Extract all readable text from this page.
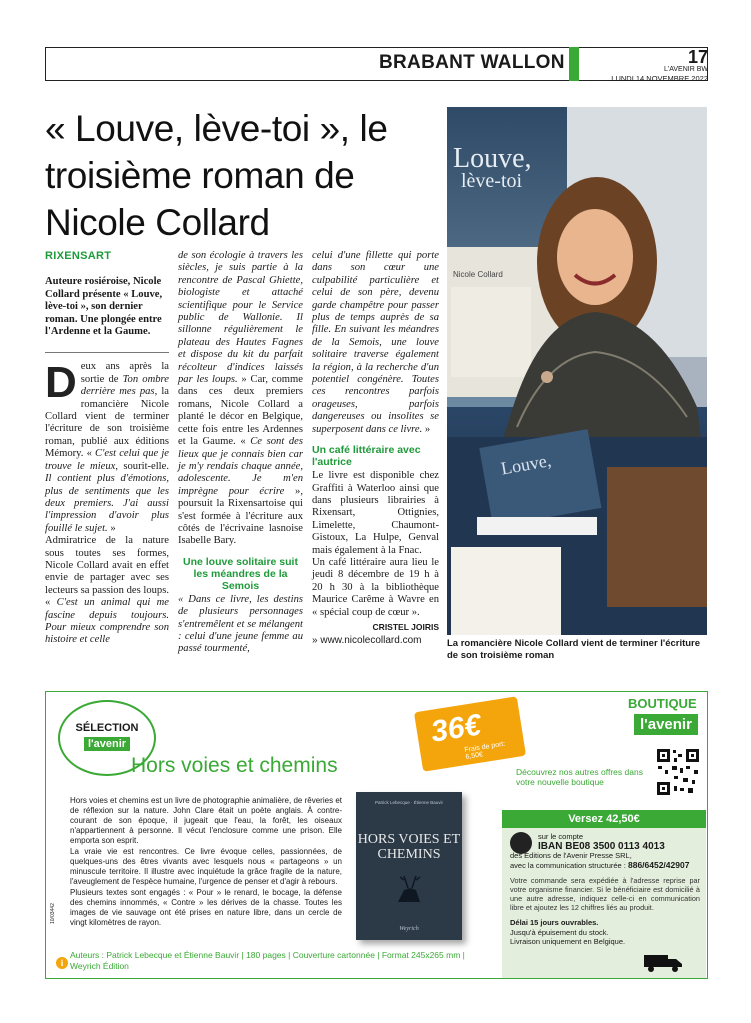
BRABANT WALLON	17
L'AVENIR BW
LUNDI 14 NOVEMBRE 2022
« Louve, lève-toi », le troisième roman de Nicole Collard
RIXENSART
Auteure rosiéroise, Nicole Collard présente « Louve, lève-toi », son dernier roman. Une plongée entre l'Ardenne et la Gaume.

Deux ans après la sortie de Ton ombre derrière mes pas, la romancière Nicole Collard vient de terminer l'écriture de son troisième roman, publié aux éditions Mémory. « C'est celui que je trouve le mieux, sourit-elle. Il contient plus d'émotions, plus de sentiments que les deux premiers. J'ai aussi l'impression d'avoir plus fouillé le sujet. »

Admiratrice de la nature sous toutes ses formes, Nicole Collard avait en effet envie de partager avec ses lecteurs sa passion des loups. « C'est un animal qui me fascine depuis toujours. Pour mieux comprendre son histoire et celle

de son écologie à travers les siècles, je suis partie à la rencontre de Pascal Ghiette, biologiste et attaché scientifique pour le Service public de Wallonie. Il sillonne régulièrement le plateau des Hautes Fagnes et dispose du kit du parfait récolteur d'indices laissés par les loups. » Car, comme dans ces deux premiers romans, Nicole Collard a planté le décor en Belgique, cette fois entre les Ardennes et la Gaume. « Ce sont des lieux que je connais bien car je m'y rendais chaque année, adolescente. Je m'en imprègne pour écrire », poursuit la Rixensartoise qui s'est formée à l'écriture aux côtés de l'écrivaine lasnoise Isabelle Bary.

Une louve solitaire suit les méandres de la Semois

« Dans ce livre, les destins de plusieurs personnages s'entremêlent et se mélangent : celui d'une jeune femme au passé tourmenté,

celui d'une fillette qui porte dans son cœur une culpabilité particulière et celui de son père, devenu garde champêtre pour passer plus de temps auprès de sa fille. En suivant les méandres de la Semois, une louve solitaire traverse également la région, à la recherche d'un potentiel congénère. Toutes ces rencontres parfois orageuses, parfois dangereuses ou insolites se superposent dans ce livre. »

Un café littéraire avec l'autrice

Le livre est disponible chez Graffiti à Waterloo ainsi que dans plusieurs librairies à Rixensart, Ottignies, Limelette, Chaumont-Gistoux, La Hulpe, Genval mais également à la Fnac.

Un café littéraire aura lieu le jeudi 8 décembre de 19 h à 20 h 30 à la bibliothèque Maurice Carême à Wavre en « spécial coup de cœur ».

CRISTEL JOIRIS
» www.nicolecollard.com
Louve,
lève-toi
Nicole Collard
Louve,
La romancière Nicole Collard vient de terminer l'écriture de son troisième roman
SÉLECTION
l'avenir
Hors voies et chemins
36€
Frais de port: 6,50€
BOUTIQUE
l'avenir
Découvrez nos autres offres dans votre nouvelle boutique

Hors voies et chemins est un livre de photographie animalière, de rêveries et de réflexion sur la nature. John Clare était un poète anglais. À contre-courant de son époque, il jugeait que l'eau, la forêt, les oiseaux n'appartiennent à personne. Il vécut l'enclosure comme une prison. Elle emporta son esprit.

La vraie vie est rencontres. Ce livre évoque celles, passionnées, de quelques-uns des êtres vivants avec lesquels nous « partageons » un minuscule territoire. Il illustre avec inquiétude la grâce fragile de la nature, l'aveuglement de l'espèce humaine, l'urgence de penser et d'agir à rebours.

Plusieurs textes sont engagés : « Pour » le renard, le bocage, la défense des chemins innommés, « Contre » les dérives de la chasse. Toutes les images de vie sauvage ont été prises en nature libre, dans un cercle de vingt kilomètres de rayon.

Patrick Lebecque · Étienne Bauvir
HORS VOIES ET CHEMINS
Weyrich
10/03442
i
Auteurs : Patrick Lebecque et Étienne Bauvir | 180 pages | Couverture cartonnée | Format 245x265 mm |
Weyrich Édition
Versez 42,50€
sur le compte
IBAN BE08 3500 0113 4013
des Éditions de l'Avenir Presse SRL,
avec la communication structurée : 886/6452/42907
Votre commande sera expédiée à l'adresse reprise par votre organisme financier. Si le bénéficiaire est domicilié à une autre adresse, indiquez celle-ci en communication libre et ajoutez les 12 chiffres liés au produit.
Délai 15 jours ouvrables.
Jusqu'à épuisement du stock.
Livraison uniquement en Belgique.
